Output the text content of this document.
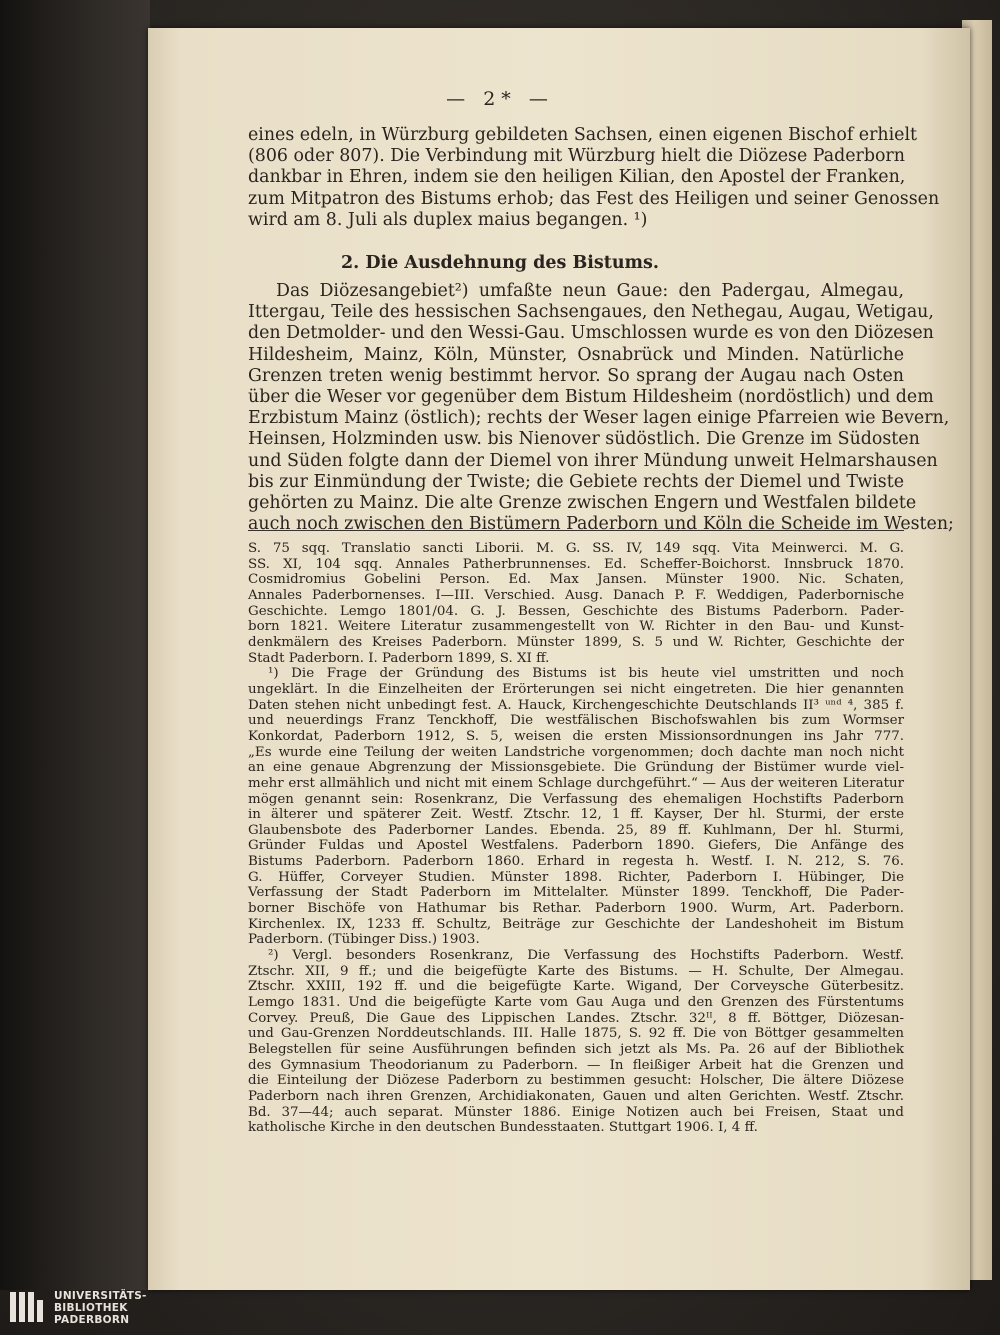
— 2* —
eines edeln, in Würzburg gebildeten Sachsen, einen eigenen Bischof erhielt
(806 oder 807). Die Verbindung mit Würzburg hielt die Diözese Paderborn
dankbar in Ehren, indem sie den heiligen Kilian, den Apostel der Franken,
zum Mitpatron des Bistums erhob; das Fest des Heiligen und seiner Genossen
wird am 8. Juli als duplex maius begangen. ¹)
2. Die Ausdehnung des Bistums.
Das Diözesangebiet²) umfaßte neun Gaue: den Padergau, Almegau,
Ittergau, Teile des hessischen Sachsengaues, den Nethegau, Augau, Wetigau,
den Detmolder- und den Wessi-Gau. Umschlossen wurde es von den Diözesen
Hildesheim, Mainz, Köln, Münster, Osnabrück und Minden. Natürliche
Grenzen treten wenig bestimmt hervor. So sprang der Augau nach Osten
über die Weser vor gegenüber dem Bistum Hildesheim (nordöstlich) und dem
Erzbistum Mainz (östlich); rechts der Weser lagen einige Pfarreien wie Bevern,
Heinsen, Holzminden usw. bis Nienover südöstlich. Die Grenze im Südosten
und Süden folgte dann der Diemel von ihrer Mündung unweit Helmarshausen
bis zur Einmündung der Twiste; die Gebiete rechts der Diemel und Twiste
gehörten zu Mainz. Die alte Grenze zwischen Engern und Westfalen bildete
auch noch zwischen den Bistümern Paderborn und Köln die Scheide im Westen;
S. 75 sqq. Translatio sancti Liborii. M. G. SS. IV, 149 sqq. Vita Meinwerci. M. G.
SS. XI, 104 sqq. Annales Patherbrunnenses. Ed. Scheffer-Boichorst. Innsbruck 1870.
Cosmidromius Gobelini Person. Ed. Max Jansen. Münster 1900. Nic. Schaten,
Annales Paderbornenses. I—III. Verschied. Ausg. Danach P. F. Weddigen, Paderbornische
Geschichte. Lemgo 1801/04. G. J. Bessen, Geschichte des Bistums Paderborn. Pader-
born 1821. Weitere Literatur zusammengestellt von W. Richter in den Bau- und Kunst-
denkmälern des Kreises Paderborn. Münster 1899, S. 5 und W. Richter, Geschichte der
Stadt Paderborn. I. Paderborn 1899, S. XI ff.
¹) Die Frage der Gründung des Bistums ist bis heute viel umstritten und noch
ungeklärt. In die Einzelheiten der Erörterungen sei nicht eingetreten. Die hier genannten
Daten stehen nicht unbedingt fest. A. Hauck, Kirchengeschichte Deutschlands II³ ᵘⁿᵈ ⁴, 385 f.
und neuerdings Franz Tenckhoff, Die westfälischen Bischofswahlen bis zum Wormser
Konkordat, Paderborn 1912, S. 5, weisen die ersten Missionsordnungen ins Jahr 777.
„Es wurde eine Teilung der weiten Landstriche vorgenommen; doch dachte man noch nicht
an eine genaue Abgrenzung der Missionsgebiete. Die Gründung der Bistümer wurde viel-
mehr erst allmählich und nicht mit einem Schlage durchgeführt.“ — Aus der weiteren Literatur
mögen genannt sein: Rosenkranz, Die Verfassung des ehemaligen Hochstifts Paderborn
in älterer und späterer Zeit. Westf. Ztschr. 12, 1 ff. Kayser, Der hl. Sturmi, der erste
Glaubensbote des Paderborner Landes. Ebenda. 25, 89 ff. Kuhlmann, Der hl. Sturmi,
Gründer Fuldas und Apostel Westfalens. Paderborn 1890. Giefers, Die Anfänge des
Bistums Paderborn. Paderborn 1860. Erhard in regesta h. Westf. I. N. 212, S. 76.
G. Hüffer, Corveyer Studien. Münster 1898. Richter, Paderborn I. Hübinger, Die
Verfassung der Stadt Paderborn im Mittelalter. Münster 1899. Tenckhoff, Die Pader-
borner Bischöfe von Hathumar bis Rethar. Paderborn 1900. Wurm, Art. Paderborn.
Kirchenlex. IX, 1233 ff. Schultz, Beiträge zur Geschichte der Landeshoheit im Bistum
Paderborn. (Tübinger Diss.) 1903.
²) Vergl. besonders Rosenkranz, Die Verfassung des Hochstifts Paderborn. Westf.
Ztschr. XII, 9 ff.; und die beigefügte Karte des Bistums. — H. Schulte, Der Almegau.
Ztschr. XXIII, 192 ff. und die beigefügte Karte. Wigand, Der Corveysche Güterbesitz.
Lemgo 1831. Und die beigefügte Karte vom Gau Auga und den Grenzen des Fürstentums
Corvey. Preuß, Die Gaue des Lippischen Landes. Ztschr. 32ᴵᴵ, 8 ff. Böttger, Diözesan-
und Gau-Grenzen Norddeutschlands. III. Halle 1875, S. 92 ff. Die von Böttger gesammelten
Belegstellen für seine Ausführungen befinden sich jetzt als Ms. Pa. 26 auf der Bibliothek
des Gymnasium Theodorianum zu Paderborn. — In fleißiger Arbeit hat die Grenzen und
die Einteilung der Diözese Paderborn zu bestimmen gesucht: Holscher, Die ältere Diözese
Paderborn nach ihren Grenzen, Archidiakonaten, Gauen und alten Gerichten. Westf. Ztschr.
Bd. 37—44; auch separat. Münster 1886. Einige Notizen auch bei Freisen, Staat und
katholische Kirche in den deutschen Bundesstaaten. Stuttgart 1906. I, 4 ff.
UNIVERSITÄTS-
BIBLIOTHEK
PADERBORN
